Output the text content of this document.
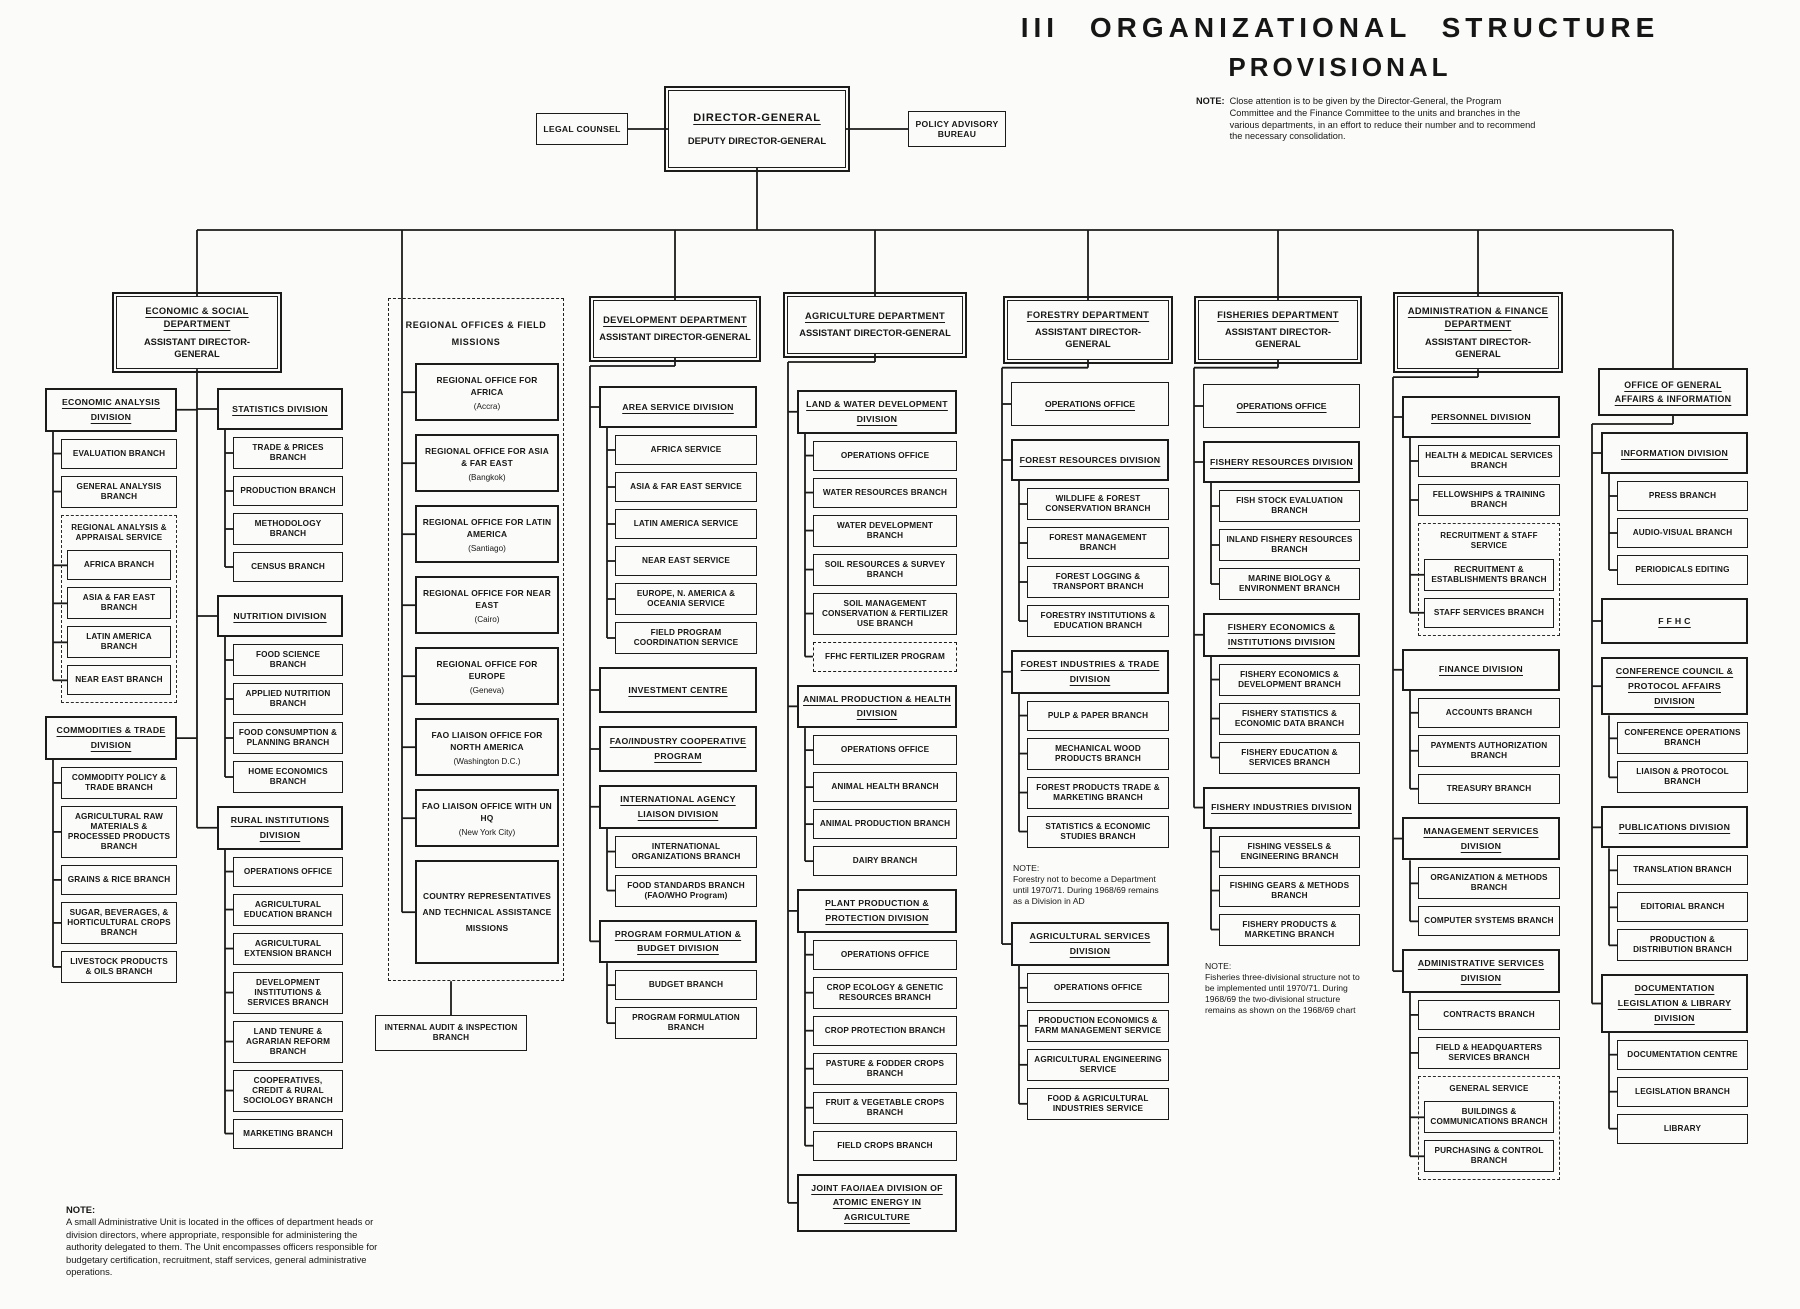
III ORGANIZATIONAL STRUCTURE
PROVISIONAL
NOTE: Close attention is to be given by the Director-General, the Program Committee and the Finance Committee to the units and branches in the various departments, in an effort to reduce their number and to recommend the necessary consolidation.
DIRECTOR-GENERAL
DEPUTY DIRECTOR-GENERAL
LEGAL COUNSEL	POLICY ADVISORY BUREAU
NOTE:
A small Administrative Unit is located in the offices of department heads or division directors, where appropriate, responsible for administering the authority delegated to them. The Unit encompasses officers responsible for budgetary certification, recruitment, staff services, general administrative operations.
ECONOMIC & SOCIAL DEPARTMENT
ASSISTANT DIRECTOR-GENERAL
ECONOMIC ANALYSIS DIVISION
EVALUATION BRANCH
GENERAL ANALYSIS BRANCH
REGIONAL ANALYSIS & APPRAISAL SERVICE
AFRICA BRANCH
ASIA & FAR EAST BRANCH
LATIN AMERICA BRANCH
NEAR EAST BRANCH
COMMODITIES & TRADE DIVISION
COMMODITY POLICY & TRADE BRANCH
AGRICULTURAL RAW MATERIALS & PROCESSED PRODUCTS BRANCH
GRAINS & RICE BRANCH
SUGAR, BEVERAGES, & HORTICULTURAL CROPS BRANCH
LIVESTOCK PRODUCTS & OILS BRANCH
STATISTICS DIVISION
TRADE & PRICES BRANCH
PRODUCTION BRANCH
METHODOLOGY BRANCH
CENSUS BRANCH
NUTRITION DIVISION
FOOD SCIENCE BRANCH
APPLIED NUTRITION BRANCH
FOOD CONSUMPTION & PLANNING BRANCH
HOME ECONOMICS BRANCH
RURAL INSTITUTIONS DIVISION
OPERATIONS OFFICE
AGRICULTURAL EDUCATION BRANCH
AGRICULTURAL EXTENSION BRANCH
DEVELOPMENT INSTITUTIONS & SERVICES BRANCH
LAND TENURE & AGRARIAN REFORM BRANCH
COOPERATIVES, CREDIT & RURAL SOCIOLOGY BRANCH
MARKETING BRANCH
REGIONAL OFFICES & FIELD MISSIONS
REGIONAL OFFICE FOR AFRICA
(Accra)
REGIONAL OFFICE FOR ASIA & FAR EAST
(Bangkok)
REGIONAL OFFICE FOR LATIN AMERICA
(Santiago)
REGIONAL OFFICE FOR NEAR EAST
(Cairo)
REGIONAL OFFICE FOR EUROPE
(Geneva)
FAO LIAISON OFFICE FOR NORTH AMERICA
(Washington D.C.)
FAO LIAISON OFFICE WITH UN HQ
(New York City)
COUNTRY REPRESENTATIVES AND TECHNICAL ASSISTANCE MISSIONS
INTERNAL AUDIT & INSPECTION BRANCH
DEVELOPMENT DEPARTMENT
ASSISTANT DIRECTOR-GENERAL
AREA SERVICE DIVISION
AFRICA SERVICE
ASIA & FAR EAST SERVICE
LATIN AMERICA SERVICE
NEAR EAST SERVICE
EUROPE, N. AMERICA & OCEANIA SERVICE
FIELD PROGRAM COORDINATION SERVICE
INVESTMENT CENTRE
FAO/INDUSTRY COOPERATIVE PROGRAM
INTERNATIONAL AGENCY LIAISON DIVISION
INTERNATIONAL ORGANIZATIONS BRANCH
FOOD STANDARDS BRANCH (FAO/WHO Program)
PROGRAM FORMULATION & BUDGET DIVISION
BUDGET BRANCH
PROGRAM FORMULATION BRANCH
AGRICULTURE DEPARTMENT
ASSISTANT DIRECTOR-GENERAL
LAND & WATER DEVELOPMENT DIVISION
OPERATIONS OFFICE
WATER RESOURCES BRANCH
WATER DEVELOPMENT BRANCH
SOIL RESOURCES & SURVEY BRANCH
SOIL MANAGEMENT CONSERVATION & FERTILIZER USE BRANCH
FFHC FERTILIZER PROGRAM
ANIMAL PRODUCTION & HEALTH DIVISION
OPERATIONS OFFICE
ANIMAL HEALTH BRANCH
ANIMAL PRODUCTION BRANCH
DAIRY BRANCH
PLANT PRODUCTION & PROTECTION DIVISION
OPERATIONS OFFICE
CROP ECOLOGY & GENETIC RESOURCES BRANCH
CROP PROTECTION BRANCH
PASTURE & FODDER CROPS BRANCH
FRUIT & VEGETABLE CROPS BRANCH
FIELD CROPS BRANCH
JOINT FAO/IAEA DIVISION OF ATOMIC ENERGY IN AGRICULTURE
FORESTRY DEPARTMENT
ASSISTANT DIRECTOR-GENERAL
OPERATIONS OFFICE
FOREST RESOURCES DIVISION
WILDLIFE & FOREST CONSERVATION BRANCH
FOREST MANAGEMENT BRANCH
FOREST LOGGING & TRANSPORT BRANCH
FORESTRY INSTITUTIONS & EDUCATION BRANCH
FOREST INDUSTRIES & TRADE DIVISION
PULP & PAPER BRANCH
MECHANICAL WOOD PRODUCTS BRANCH
FOREST PRODUCTS TRADE & MARKETING BRANCH
STATISTICS & ECONOMIC STUDIES BRANCH
NOTE:
Forestry not to become a Department until 1970/71. During 1968/69 remains as a Division in AD
AGRICULTURAL SERVICES DIVISION
OPERATIONS OFFICE
PRODUCTION ECONOMICS & FARM MANAGEMENT SERVICE
AGRICULTURAL ENGINEERING SERVICE
FOOD & AGRICULTURAL INDUSTRIES SERVICE
FISHERIES DEPARTMENT
ASSISTANT DIRECTOR-GENERAL
OPERATIONS OFFICE
FISHERY RESOURCES DIVISION
FISH STOCK EVALUATION BRANCH
INLAND FISHERY RESOURCES BRANCH
MARINE BIOLOGY & ENVIRONMENT BRANCH
FISHERY ECONOMICS & INSTITUTIONS DIVISION
FISHERY ECONOMICS & DEVELOPMENT BRANCH
FISHERY STATISTICS & ECONOMIC DATA BRANCH
FISHERY EDUCATION & SERVICES BRANCH
FISHERY INDUSTRIES DIVISION
FISHING VESSELS & ENGINEERING BRANCH
FISHING GEARS & METHODS BRANCH
FISHERY PRODUCTS & MARKETING BRANCH
NOTE:
Fisheries three-divisional structure not to be implemented until 1970/71. During 1968/69 the two-divisional structure remains as shown on the 1968/69 chart
ADMINISTRATION & FINANCE DEPARTMENT
ASSISTANT DIRECTOR-GENERAL
PERSONNEL DIVISION
HEALTH & MEDICAL SERVICES BRANCH
FELLOWSHIPS & TRAINING BRANCH
RECRUITMENT & STAFF SERVICE
RECRUITMENT & ESTABLISHMENTS BRANCH
STAFF SERVICES BRANCH
FINANCE DIVISION
ACCOUNTS BRANCH
PAYMENTS AUTHORIZATION BRANCH
TREASURY BRANCH
MANAGEMENT SERVICES DIVISION
ORGANIZATION & METHODS BRANCH
COMPUTER SYSTEMS BRANCH
ADMINISTRATIVE SERVICES DIVISION
CONTRACTS BRANCH
FIELD & HEADQUARTERS SERVICES BRANCH
GENERAL SERVICE
BUILDINGS & COMMUNICATIONS BRANCH
PURCHASING & CONTROL BRANCH
OFFICE OF GENERAL AFFAIRS & INFORMATION
INFORMATION DIVISION
PRESS BRANCH
AUDIO-VISUAL BRANCH
PERIODICALS EDITING
F F H C
CONFERENCE COUNCIL & PROTOCOL AFFAIRS DIVISION
CONFERENCE OPERATIONS BRANCH
LIAISON & PROTOCOL BRANCH
PUBLICATIONS DIVISION
TRANSLATION BRANCH
EDITORIAL BRANCH
PRODUCTION & DISTRIBUTION BRANCH
DOCUMENTATION LEGISLATION & LIBRARY DIVISION
DOCUMENTATION CENTRE
LEGISLATION BRANCH
LIBRARY
